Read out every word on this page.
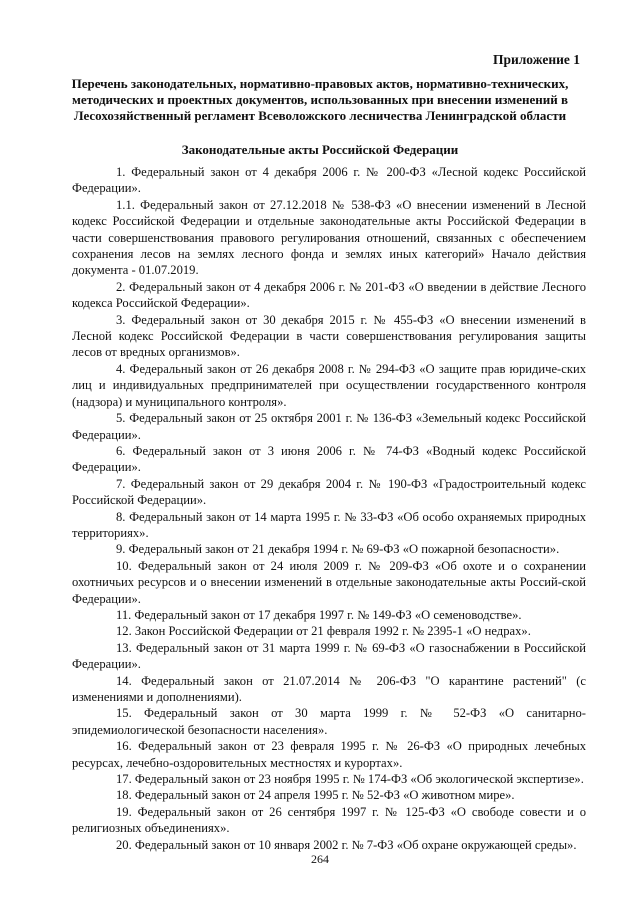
Приложение 1
Перечень законодательных, нормативно-правовых актов, нормативно-технических, методических и проектных документов, использованных при внесении изменений в Лесохозяйственный регламент Всеволожского лесничества Ленинградской области
Законодательные акты Российской Федерации

1. Федеральный закон от 4 декабря 2006 г. № 200-ФЗ «Лесной кодекс Российской Федерации».

1.1. Федеральный закон от 27.12.2018 № 538-ФЗ «О внесении изменений в Лесной кодекс Российской Федерации и отдельные законодательные акты Российской Федерации в части совершенствования правового регулирования отношений, связанных с обеспечением сохранения лесов на землях лесного фонда и землях иных категорий» Начало действия документа - 01.07.2019.

2. Федеральный закон от 4 декабря 2006 г. № 201-ФЗ «О введении в действие Лесного кодекса Российской Федерации».

3. Федеральный закон от 30 декабря 2015 г. № 455-ФЗ «О внесении изменений в Лесной кодекс Российской Федерации в части совершенствования регулирования защиты лесов от вредных организмов».

4. Федеральный закон от 26 декабря 2008 г. № 294-ФЗ «О защите прав юридиче-ских лиц и индивидуальных предпринимателей при осуществлении государственного контроля (надзора) и муниципального контроля».

5. Федеральный закон от 25 октября 2001 г. № 136-ФЗ «Земельный кодекс Российской Федерации».

6. Федеральный закон от 3 июня 2006 г. № 74-ФЗ «Водный кодекс Российской Федерации».

7. Федеральный закон от 29 декабря 2004 г. № 190-ФЗ «Градостроительный кодекс Российской Федерации».

8. Федеральный закон от 14 марта 1995 г. № 33-ФЗ «Об особо охраняемых природных территориях».

9. Федеральный закон от 21 декабря 1994 г. № 69-ФЗ «О пожарной безопасности».

10. Федеральный закон от 24 июля 2009 г. № 209-ФЗ «Об охоте и о сохранении охотничьих ресурсов и о внесении изменений в отдельные законодательные акты Россий-ской Федерации».

11. Федеральный закон от 17 декабря 1997 г. № 149-ФЗ «О семеноводстве».

12. Закон Российской Федерации от 21 февраля 1992 г. № 2395-1 «О недрах».

13. Федеральный закон от 31 марта 1999 г. № 69-ФЗ «О газоснабжении в Российской Федерации».

14. Федеральный закон от 21.07.2014 № 206-ФЗ "О карантине растений" (с изменениями и дополнениями).

15. Федеральный закон от 30 марта 1999 г. № 52-ФЗ «О санитарно-эпидемиологической безопасности населения».

16. Федеральный закон от 23 февраля 1995 г. № 26-ФЗ «О природных лечебных ресурсах, лечебно-оздоровительных местностях и курортах».

17. Федеральный закон от 23 ноября 1995 г. № 174-ФЗ «Об экологической экспертизе».

18. Федеральный закон от 24 апреля 1995 г. № 52-ФЗ «О животном мире».

19. Федеральный закон от 26 сентября 1997 г. № 125-ФЗ «О свободе совести и о религиозных объединениях».

20. Федеральный закон от 10 января 2002 г. № 7-ФЗ «Об охране окружающей среды».

264
